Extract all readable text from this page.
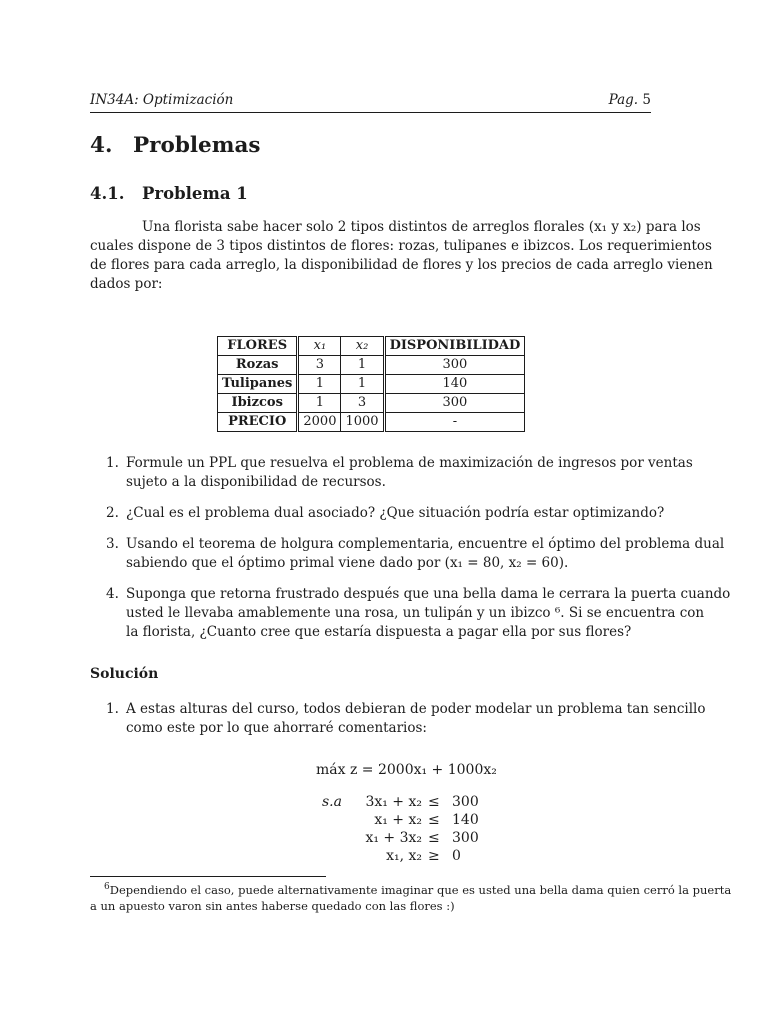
IN34A: Optimización	Pag. 5
4. Problemas
4.1. Problema 1
Una florista sabe hacer solo 2 tipos distintos de arreglos florales (x₁ y x₂) para los
cuales dispone de 3 tipos distintos de flores: rozas, tulipanes e ibizcos. Los requerimientos
de flores para cada arreglo, la disponibilidad de flores y los precios de cada arreglo vienen
dados por:
FLORES	x₁	x₂	DISPONIBILIDAD
Rozas	3	1	300
Tulipanes	1	1	140
Ibizcos	1	3	300
PRECIO	2000	1000	-
1. Formule un PPL que resuelva el problema de maximización de ingresos por ventas
sujeto a la disponibilidad de recursos.
2. ¿Cual es el problema dual asociado? ¿Que situación podría estar optimizando?
3. Usando el teorema de holgura complementaria, encuentre el óptimo del problema dual
sabiendo que el óptimo primal viene dado por (x₁ = 80, x₂ = 60).
4. Suponga que retorna frustrado después que una bella dama le cerrara la puerta cuando
usted le llevaba amablemente una rosa, un tulipán y un ibizco ⁶. Si se encuentra con
la florista, ¿Cuanto cree que estaría dispuesta a pagar ella por sus flores?
Solución
1. A estas alturas del curso, todos debieran de poder modelar un problema tan sencillo
como este por lo que ahorraré comentarios:
máx z = 2000x₁ + 1000x₂
s.a 3x₁ + x₂ ≤ 300
x₁ + x₂ ≤ 140
x₁ + 3x₂ ≤ 300
x₁, x₂ ≥ 0
$^6$Dependiendo el caso, puede alternativamente imaginar que es usted una bella dama quien cerró la puerta
a un apuesto varon sin antes haberse quedado con las flores :)
